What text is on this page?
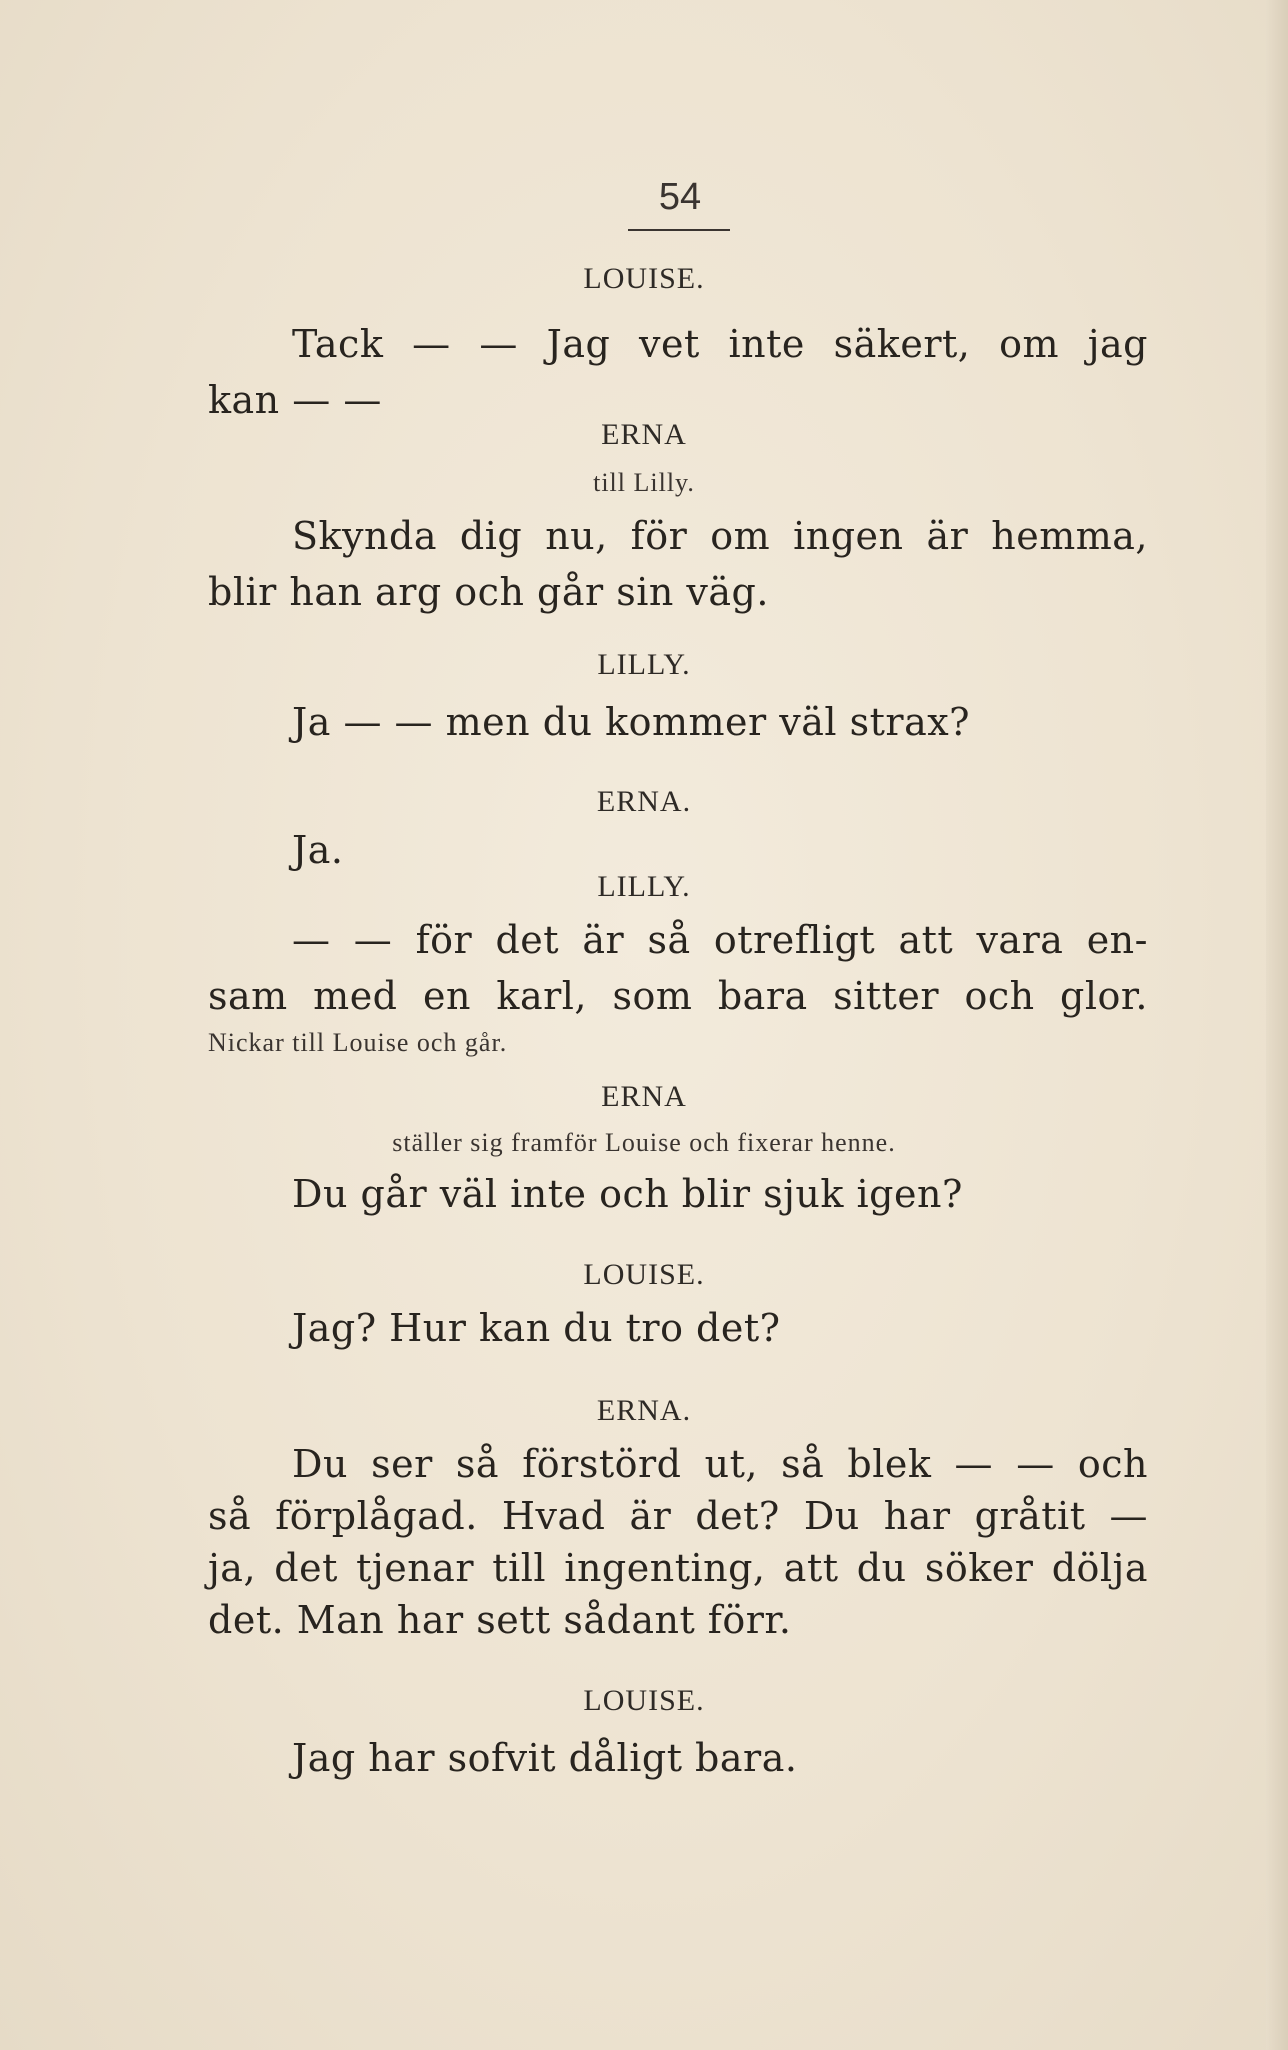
54
LOUISE.
Tack — — Jag vet inte säkert, om jag
kan — —
ERNA
till Lilly.
Skynda dig nu, för om ingen är hemma,
blir han arg och går sin väg.
LILLY.
Ja — — men du kommer väl strax?
ERNA.
Ja.
LILLY.
— — för det är så otrefligt att vara en-
sam med en karl, som bara sitter och glor.
Nickar till Louise och går.
ERNA
ställer sig framför Louise och fixerar henne.
Du går väl inte och blir sjuk igen?
LOUISE.
Jag? Hur kan du tro det?
ERNA.
Du ser så förstörd ut, så blek — — och
så förplågad. Hvad är det? Du har gråtit —
ja, det tjenar till ingenting, att du söker dölja
det. Man har sett sådant förr.
LOUISE.
Jag har sofvit dåligt bara.
